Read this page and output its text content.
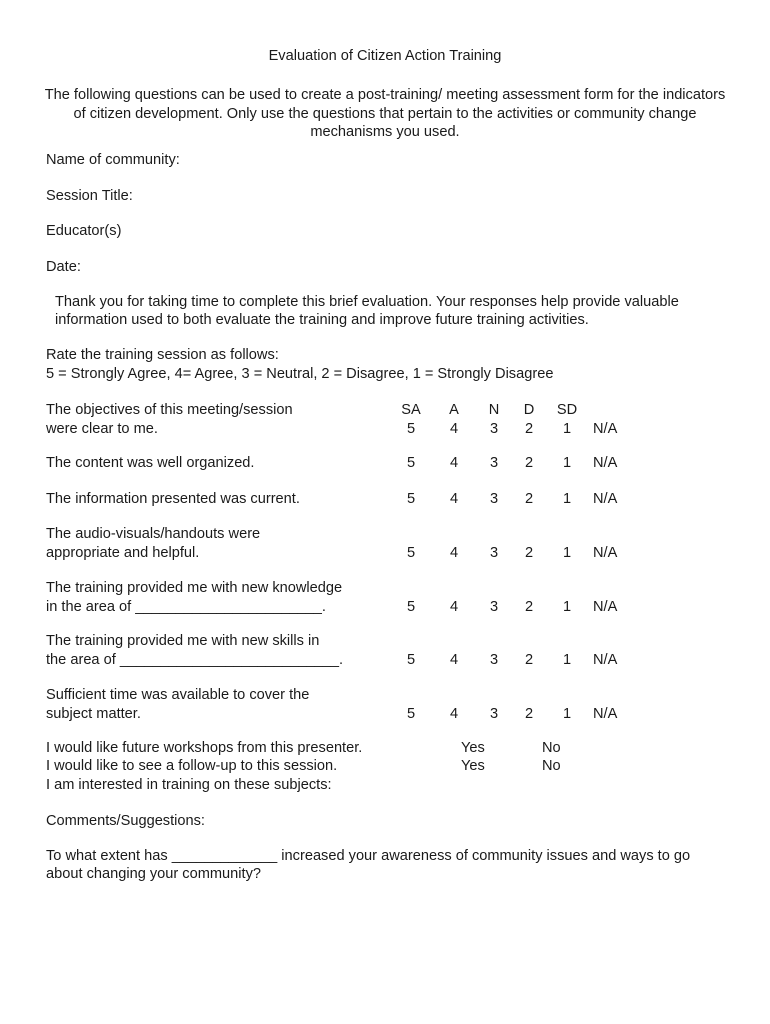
Evaluation of Citizen Action Training
The following questions can be used to create a post-training/ meeting assessment form for the indicators of citizen development. Only use the questions that pertain to the activities or community change mechanisms you used.
Name of community:
Session Title:
Educator(s)
Date:
Thank you for taking time to complete this brief evaluation. Your responses help provide valuable
information used to both evaluate the training and improve future training activities.
Rate the training session as follows:
5 = Strongly Agree, 4= Agree, 3 = Neutral, 2 = Disagree, 1 = Strongly Disagree
SA	A	N	D	SD
The objectives of this meeting/session
were clear to me.	5	4	3	2	1	N/A
The content was well organized.	5	4	3	2	1	N/A
The information presented was current.	5	4	3	2	1	N/A
The audio-visuals/handouts were
appropriate and helpful.	5	4	3	2	1	N/A
The training provided me with new knowledge
in the area of _______________________.	5	4	3	2	1	N/A
The training provided me with new skills in
the area of ___________________________.	5	4	3	2	1	N/A
Sufficient time was available to cover the
subject matter.	5	4	3	2	1	N/A
I would like future workshops from this presenter.	Yes	No
I would like to see a follow-up to this session.	Yes	No
I am interested in training on these subjects:
Comments/Suggestions:
To what extent has _____________ increased your awareness of community issues and ways to go
about changing your community?
